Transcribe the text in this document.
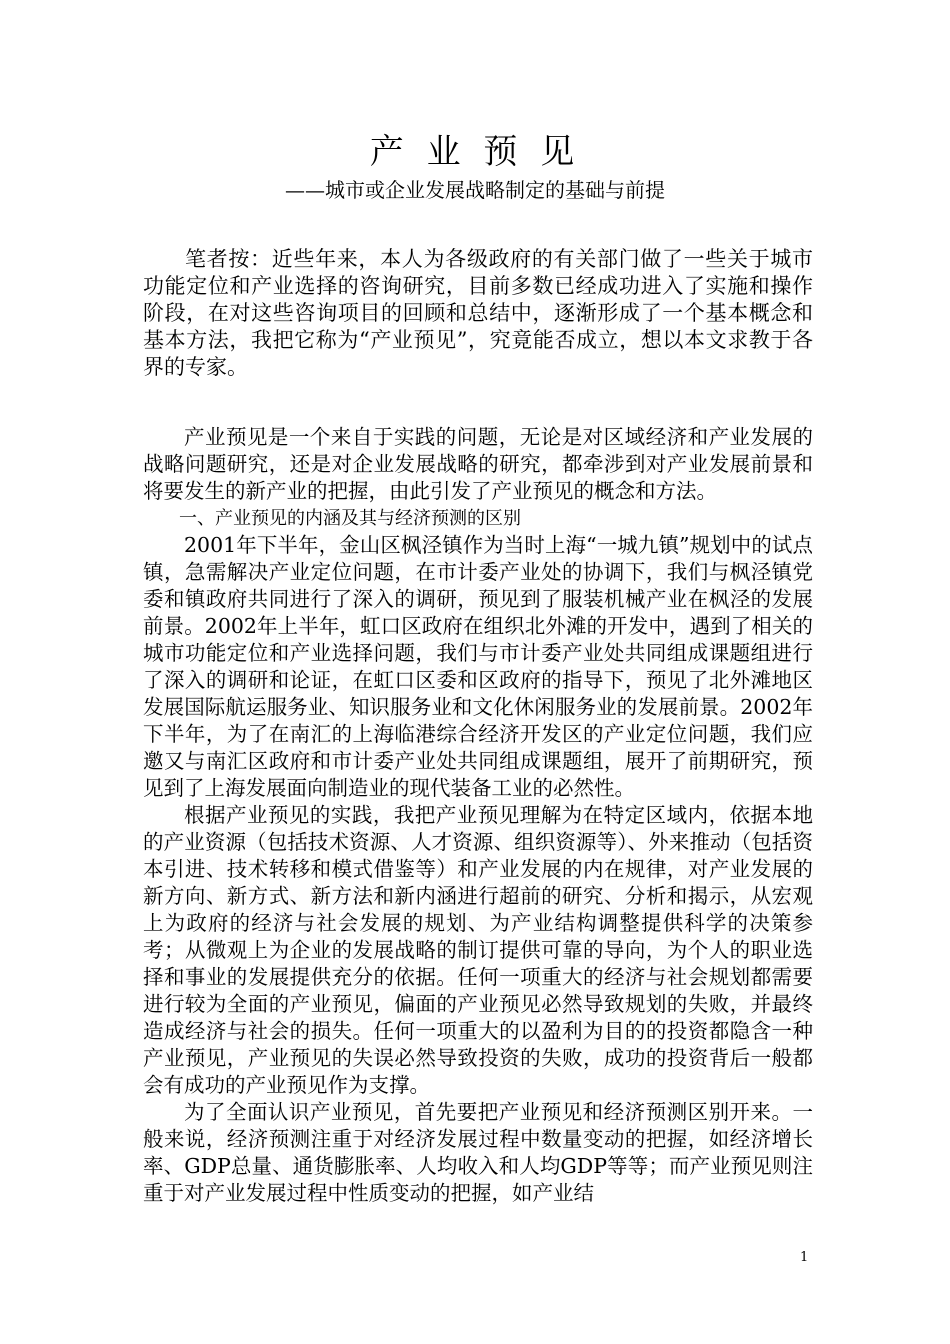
产 业 预 见
——城市或企业发展战略制定的基础与前提

笔者按：近些年来，本人为各级政府的有关部门做了一些关于城市功能定位和产业选择的咨询研究，目前多数已经成功进入了实施和操作阶段，在对这些咨询项目的回顾和总结中，逐渐形成了一个基本概念和基本方法，我把它称为“产业预见”，究竟能否成立，想以本文求教于各界的专家。

产业预见是一个来自于实践的问题，无论是对区域经济和产业发展的战略问题研究，还是对企业发展战略的研究，都牵涉到对产业发展前景和将要发生的新产业的把握，由此引发了产业预见的概念和方法。

一、产业预见的内涵及其与经济预测的区别

2001年下半年，金山区枫泾镇作为当时上海“一城九镇”规划中的试点镇，急需解决产业定位问题，在市计委产业处的协调下，我们与枫泾镇党委和镇政府共同进行了深入的调研，预见到了服装机械产业在枫泾的发展前景。2002年上半年，虹口区政府在组织北外滩的开发中，遇到了相关的城市功能定位和产业选择问题，我们与市计委产业处共同组成课题组进行了深入的调研和论证，在虹口区委和区政府的指导下，预见了北外滩地区发展国际航运服务业、知识服务业和文化休闲服务业的发展前景。2002年下半年，为了在南汇的上海临港综合经济开发区的产业定位问题，我们应邀又与南汇区政府和市计委产业处共同组成课题组，展开了前期研究，预见到了上海发展面向制造业的现代装备工业的必然性。

根据产业预见的实践，我把产业预见理解为在特定区域内，依据本地的产业资源（包括技术资源、人才资源、组织资源等）、外来推动（包括资本引进、技术转移和模式借鉴等）和产业发展的内在规律，对产业发展的新方向、新方式、新方法和新内涵进行超前的研究、分析和揭示，从宏观上为政府的经济与社会发展的规划、为产业结构调整提供科学的决策参考；从微观上为企业的发展战略的制订提供可靠的导向，为个人的职业选择和事业的发展提供充分的依据。任何一项重大的经济与社会规划都需要进行较为全面的产业预见，偏面的产业预见必然导致规划的失败，并最终造成经济与社会的损失。任何一项重大的以盈利为目的的投资都隐含一种产业预见，产业预见的失误必然导致投资的失败，成功的投资背后一般都会有成功的产业预见作为支撑。

为了全面认识产业预见，首先要把产业预见和经济预测区别开来。一般来说，经济预测注重于对经济发展过程中数量变动的把握，如经济增长率、GDP总量、通货膨胀率、人均收入和人均GDP等等；而产业预见则注重于对产业发展过程中性质变动的把握，如产业结

1
